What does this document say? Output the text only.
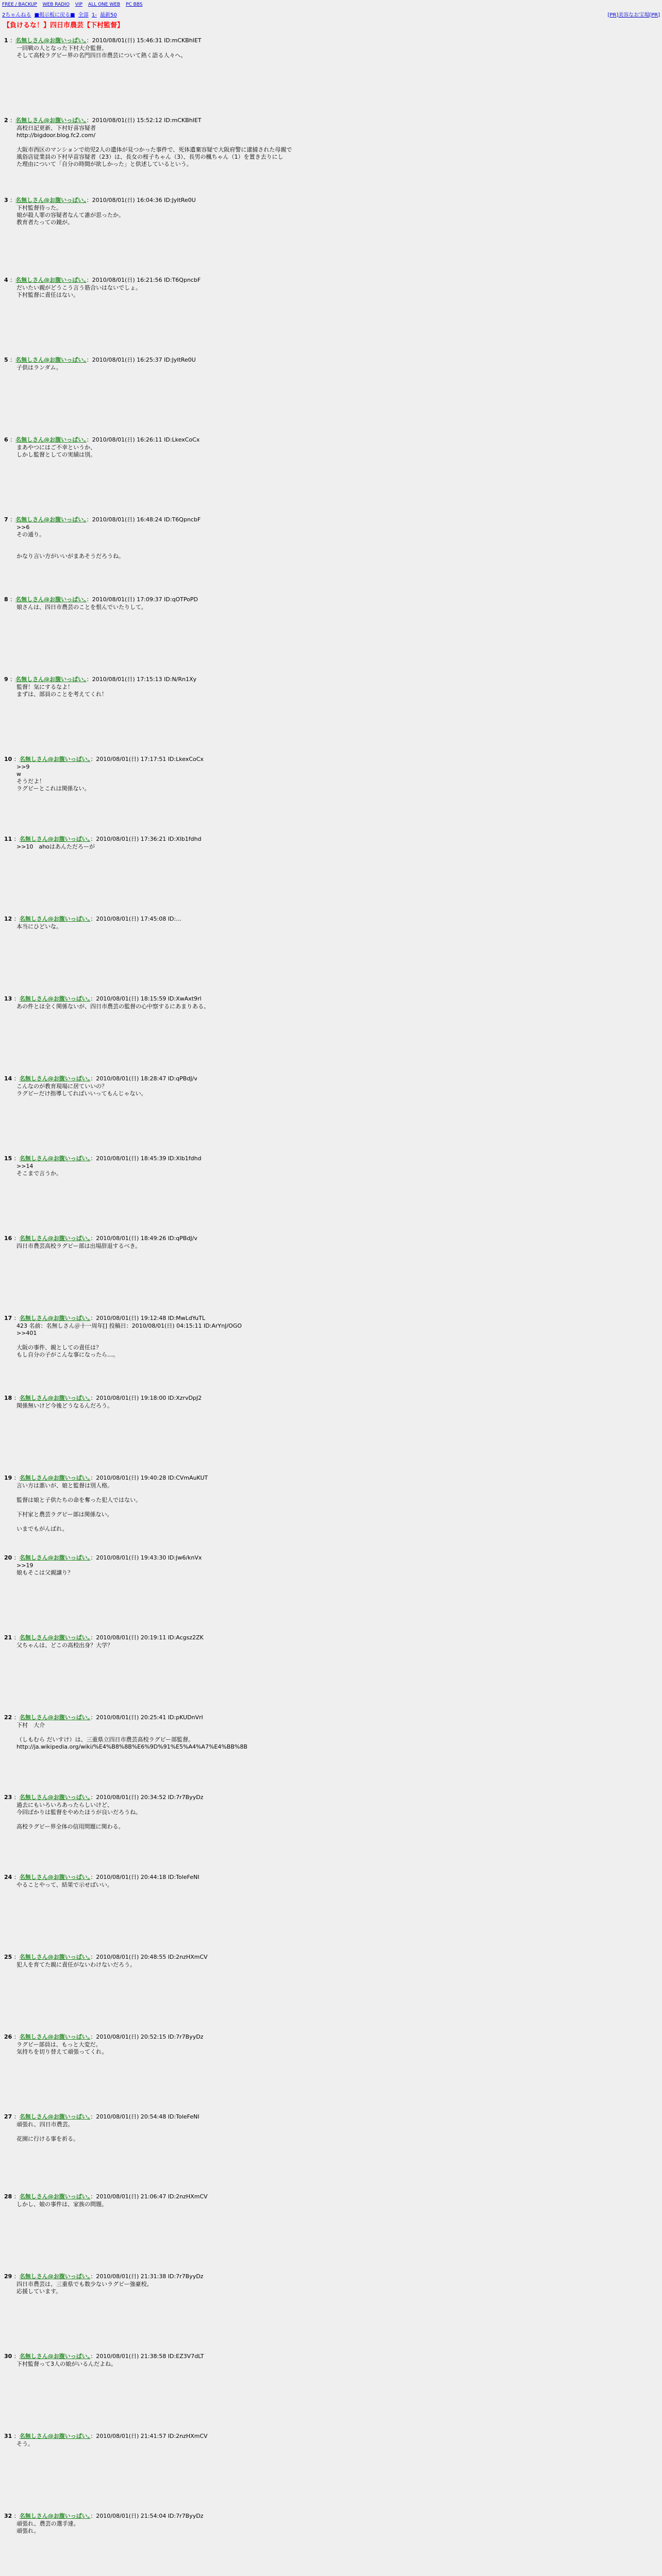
FREE / BACKUP WEB RADIO VIP ALL ONE WEB PC BBS
2ちゃんねる ■掲示板に戻る■ 全部 1- 最新50	[PR]美容なお宝場[PR]
【負けるな！】四日市農芸【下村監督】
1 ：名無しさん@お腹いっぱい。：2010/08/01(日) 15:46:31 ID:mCKBhIET
一回戦の人となった下村大介監督。
そして高校ラグビー界の名門四日市農芸について熱く語る人々へ。
2 ：名無しさん@お腹いっぱい。：2010/08/01(日) 15:52:12 ID:mCKBhIET
高校日記更新、下村好喜容疑者
http://bigdoor.blog.fc2.com/

大阪市西区のマンションで幼児2人の遺体が見つかった事件で、死体遺棄容疑で大阪府警に逮捕された母親で
風俗店従業員の下村早苗容疑者（23）は、長女の桜子ちゃん（3）、長男の楓ちゃん（1）を置き去りにし
た理由について「自分の時間が欲しかった」と供述しているという。
3 ：名無しさん@お腹いっぱい。：2010/08/01(日) 16:04:36 ID:JyItRe0U
下村監督待った。
娘が殺人罪の容疑者なんて誰が思ったか。
教育者たっての鏡が。
4 ：名無しさん@お腹いっぱい。：2010/08/01(日) 16:21:56 ID:T6QpncbF
だいたい親がどうこう言う筋合いはないでしょ。
下村監督に責任はない。
5 ：名無しさん@お腹いっぱい。：2010/08/01(日) 16:25:37 ID:JyItRe0U
子供はランダム。
6 ：名無しさん@お腹いっぱい。：2010/08/01(日) 16:26:11 ID:LkexCoCx
まあやつにはご不幸というか、
しかし監督としての実績は別。
7 ：名無しさん@お腹いっぱい。：2010/08/01(日) 16:48:24 ID:T6QpncbF
>>6
その通り。

かなり言い方がいいがまあそうだろうね。
8 ：名無しさん@お腹いっぱい。：2010/08/01(日) 17:09:37 ID:qOTPoPD
娘さんは、四日市農芸のことを恨んでいたりして。
9 ：名無しさん@お腹いっぱい。：2010/08/01(日) 17:15:13 ID:N/Rn1Xy
監督！気にするなよ！
まずは、部員のことを考えてくれ！
10 ：名無しさん@お腹いっぱい。：2010/08/01(日) 17:17:51 ID:LkexCoCx
>>9
w
そうだよ！
ラグビーとこれは関係ない。
11 ：名無しさん@お腹いっぱい。：2010/08/01(日) 17:36:21 ID:Xlb1fdhd
>>10　ahoはあんただろーが
12 ：名無しさん@お腹いっぱい。：2010/08/01(日) 17:45:08 ID:…
本当にひどいな。
13 ：名無しさん@お腹いっぱい。：2010/08/01(日) 18:15:59 ID:XwAxt9rl
あの件とは全く関係ないが、四日市農芸の監督の心中察するにあまりある。
14 ：名無しさん@お腹いっぱい。：2010/08/01(日) 18:28:47 ID:qPBdJ/v
こんなのが教育現場に居ていいの？
ラグビーだけ指導してればいいってもんじゃない。
15 ：名無しさん@お腹いっぱい。：2010/08/01(日) 18:45:39 ID:Xlb1fdhd
>>14
そこまで言うか。
16 ：名無しさん@お腹いっぱい。：2010/08/01(日) 18:49:26 ID:qPBdJ/v
四日市農芸高校ラグビー部は出場辞退するべき。
17 ：名無しさん@お腹いっぱい。：2010/08/01(日) 19:12:48 ID:MwLdYuTL
423 名前：名無しさん＠十一周年[] 投稿日：2010/08/01(日) 04:15:11 ID:ArYnJ/OGO
>>401

大阪の事件、親としての責任は？
もし自分の子がこんな事になったら…。
18 ：名無しさん@お腹いっぱい。：2010/08/01(日) 19:18:00 ID:XzrvDpJ2
関係無いけど今後どうなるんだろう。
19 ：名無しさん@お腹いっぱい。：2010/08/01(日) 19:40:28 ID:CVmAuKUT
言い方は悪いが、娘と監督は別人格。

監督は娘と子供たちの命を奪った犯人ではない。

下村家と農芸ラグビー部は関係ない。

いまでもがんばれ。
20 ：名無しさん@お腹いっぱい。：2010/08/01(日) 19:43:30 ID:Jw6/knVx
>>19
娘もそこは父親譲り？
21 ：名無しさん@お腹いっぱい。：2010/08/01(日) 20:19:11 ID:Acgsz2ZK
父ちゃんは、どこの高校出身？大学？
22 ：名無しさん@お腹いっぱい。：2010/08/01(日) 20:25:41 ID:pKUDnVrI
下村　大介

（しもむら だいすけ）は、三重県立四日市農芸高校ラグビー部監督。
http://ja.wikipedia.org/wiki/%E4%B8%8B%E6%9D%91%E5%A4%A7%E4%BB%8B
23 ：名無しさん@お腹いっぱい。：2010/08/01(日) 20:34:52 ID:7r7ByyDz
過去にもいろいろあったらしいけど、
今回ばかりは監督をやめたほうが良いだろうね。

高校ラグビー界全体の信用問題に関わる。
24 ：名無しさん@お腹いっぱい。：2010/08/01(日) 20:44:18 ID:ToleFeNI
やることやって、結果で示せばいい。
25 ：名無しさん@お腹いっぱい。：2010/08/01(日) 20:48:55 ID:2nzHXmCV
犯人を育てた親に責任がないわけないだろう。
26 ：名無しさん@お腹いっぱい。：2010/08/01(日) 20:52:15 ID:7r7ByyDz
ラグビー部員は、もっと大変だ。
気持ちを切り替えて頑張ってくれ。
27 ：名無しさん@お腹いっぱい。：2010/08/01(日) 20:54:48 ID:ToleFeNI
頑張れ、四日市農芸。

花園に行ける事を祈る。
28 ：名無しさん@お腹いっぱい。：2010/08/01(日) 21:06:47 ID:2nzHXmCV
しかし、娘の事件は、家族の問題。
29 ：名無しさん@お腹いっぱい。：2010/08/01(日) 21:31:38 ID:7r7ByyDz
四日市農芸は、三重県でも数少ないラグビー強豪校。
応援しています。
30 ：名無しさん@お腹いっぱい。：2010/08/01(日) 21:38:58 ID:EZ3V7dLT
下村監督って3人の娘がいるんだよね。
31 ：名無しさん@お腹いっぱい。：2010/08/01(日) 21:41:57 ID:2nzHXmCV
そう。
32 ：名無しさん@お腹いっぱい。：2010/08/01(日) 21:54:04 ID:7r7ByyDz
頑張れ、農芸の選手達。
頑張れ。
